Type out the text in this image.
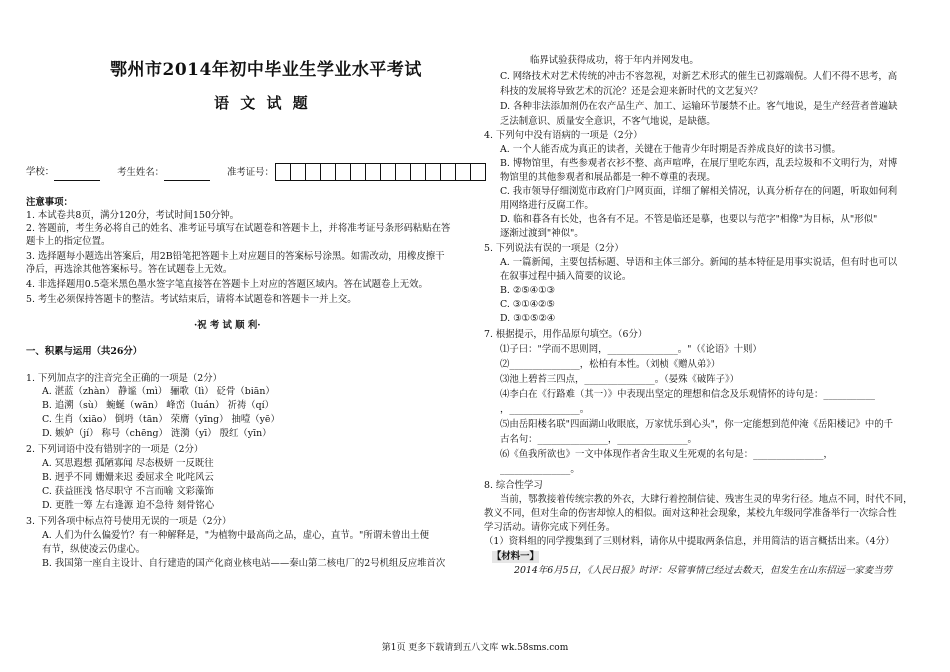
鄂州市2014年初中毕业生学业水平考试
语 文 试 题
学校：	考生姓名：	准考证号：
注意事项：
1. 本试卷共8页，满分120分，考试时间150分钟。
2. 答题前，考生务必将自己的姓名、准考证号填写在试题卷和答题卡上，并将准考证号条形码粘贴在答
题卡上的指定位置。
3. 选择题每小题选出答案后，用2B铅笔把答题卡上对应题目的答案标号涂黑。如需改动，用橡皮擦干
净后，再选涂其他答案标号。答在试题卷上无效。
4. 非选择题用0.5毫米黑色墨水签字笔直接答在答题卡上对应的答题区域内。答在试题卷上无效。
5. 考生必须保持答题卡的整洁。考试结束后，请将本试题卷和答题卡一并上交。
·祝 考 试 顺 利·
一、积累与运用（共26分）
1. 下列加点字的注音完全正确的一项是（2分）
A. 湛蓝（zhàn） 静谧（mì） 骊歌（lì） 砭骨（biān）
B. 追溯（sù） 蜿蜒（wān） 峰峦（luán） 祈祷（qí）
C. 生肖（xiāo） 倒坍（tān） 荣膺（yīng） 抽噎（yē）
D. 嫉妒（jí） 称号（chēng） 涟漪（yī） 殷红（yīn）
2. 下列词语中没有错别字的一项是（2分）
A. 冥思遐想 孤陋寡闻 尽态极妍 一反既往
B. 迥乎不同 姗姗来迟 委屈求全 叱咤风云
C. 获益匪浅 恪尽职守 不言而喻 文彩藻饰
D. 更胜一筹 左右逢源 迫不急待 刻骨铭心
3. 下列各项中标点符号使用无误的一项是（2分）
A. 人们为什么偏爱竹？有一种解释是，"为植物中最高尚之品，虚心，直节。"所谓未曾出土便
有节，纵使凌云仍虚心。
B. 我国第一座自主设计、自行建造的国产化商业核电站——秦山第二核电厂的2号机组反应堆首次
临界试验获得成功，将于年内并网发电。
C. 网络技术对艺术传统的冲击不容忽视，对新艺术形式的催生已初露端倪。人们不得不思考，高
科技的发展将导致艺术的沉沦？还是会迎来新时代的文艺复兴？
D. 各种非法添加剂仍在农产品生产、加工、运输环节屡禁不止。客气地说，是生产经营者普遍缺
乏法制意识、质量安全意识，不客气地说，是缺德。
4. 下列句中没有语病的一项是（2分）
A. 一个人能否成为真正的读者，关键在于他青少年时期是否养成良好的读书习惯。
B. 博物馆里，有些参观者衣衫不整、高声喧哗，在展厅里吃东西，乱丢垃圾和不文明行为，对博
物馆里的其他参观者和展品都是一种不尊重的表现。
C. 我市领导仔细浏览市政府门户网页面，详细了解相关情况，认真分析存在的问题，听取如何利
用网络进行反腐工作。
D. 临和暮各有长处，也各有不足。不管是临还是摹，也要以与范字"相像"为目标，从"形似"
逐渐过渡到"神似"。
5. 下列说法有误的一项是（2分）
A. 一篇新闻，主要包括标题、导语和主体三部分。新闻的基本特征是用事实说话，但有时也可以
在叙事过程中插入简要的议论。
B. ②⑤④①③
C. ③①④②⑤
D. ③①⑤②④
7. 根据提示，用作品原句填空。（6分）
⑴子曰："学而不思则罔，_______________。"（《论语》十则）
⑵_______________，松柏有本性。（刘桢《赠从弟》）
⑶池上碧苔三四点，_______________。（晏殊《破阵子》）
⑷李白在《行路难（其一）》中表现出坚定的理想和信念及乐观情怀的诗句是：___________
，_______________。
⑸由岳阳楼名联"四面湖山收眼底，万家忧乐到心头"，你一定能想到范仲淹《岳阳楼记》中的千
古名句：_______________，_______________。
⑹《鱼我所欲也》一文中体现作者舍生取义生死观的名句是：_______________，
_______________。
8. 综合性学习
当前，鄂教接着传统宗教的外衣，大肆行着控制信徒、残害生灵的卑劣行径。地点不同，时代不同，
教义不同，但对生命的伤害却惊人的相似。面对这种社会现象，某校九年级同学准备举行一次综合性
学习活动。请你完成下列任务。
（1）资料组的同学搜集到了三则材料，请你从中提取两条信息，并用简洁的语言概括出来。（4分）
【材料一】
2014年6月5日，《人民日报》时评：尽管事情已经过去数天，但发生在山东招远一家麦当劳
第1页 更多下载请到五八文库 wk.58sms.com
